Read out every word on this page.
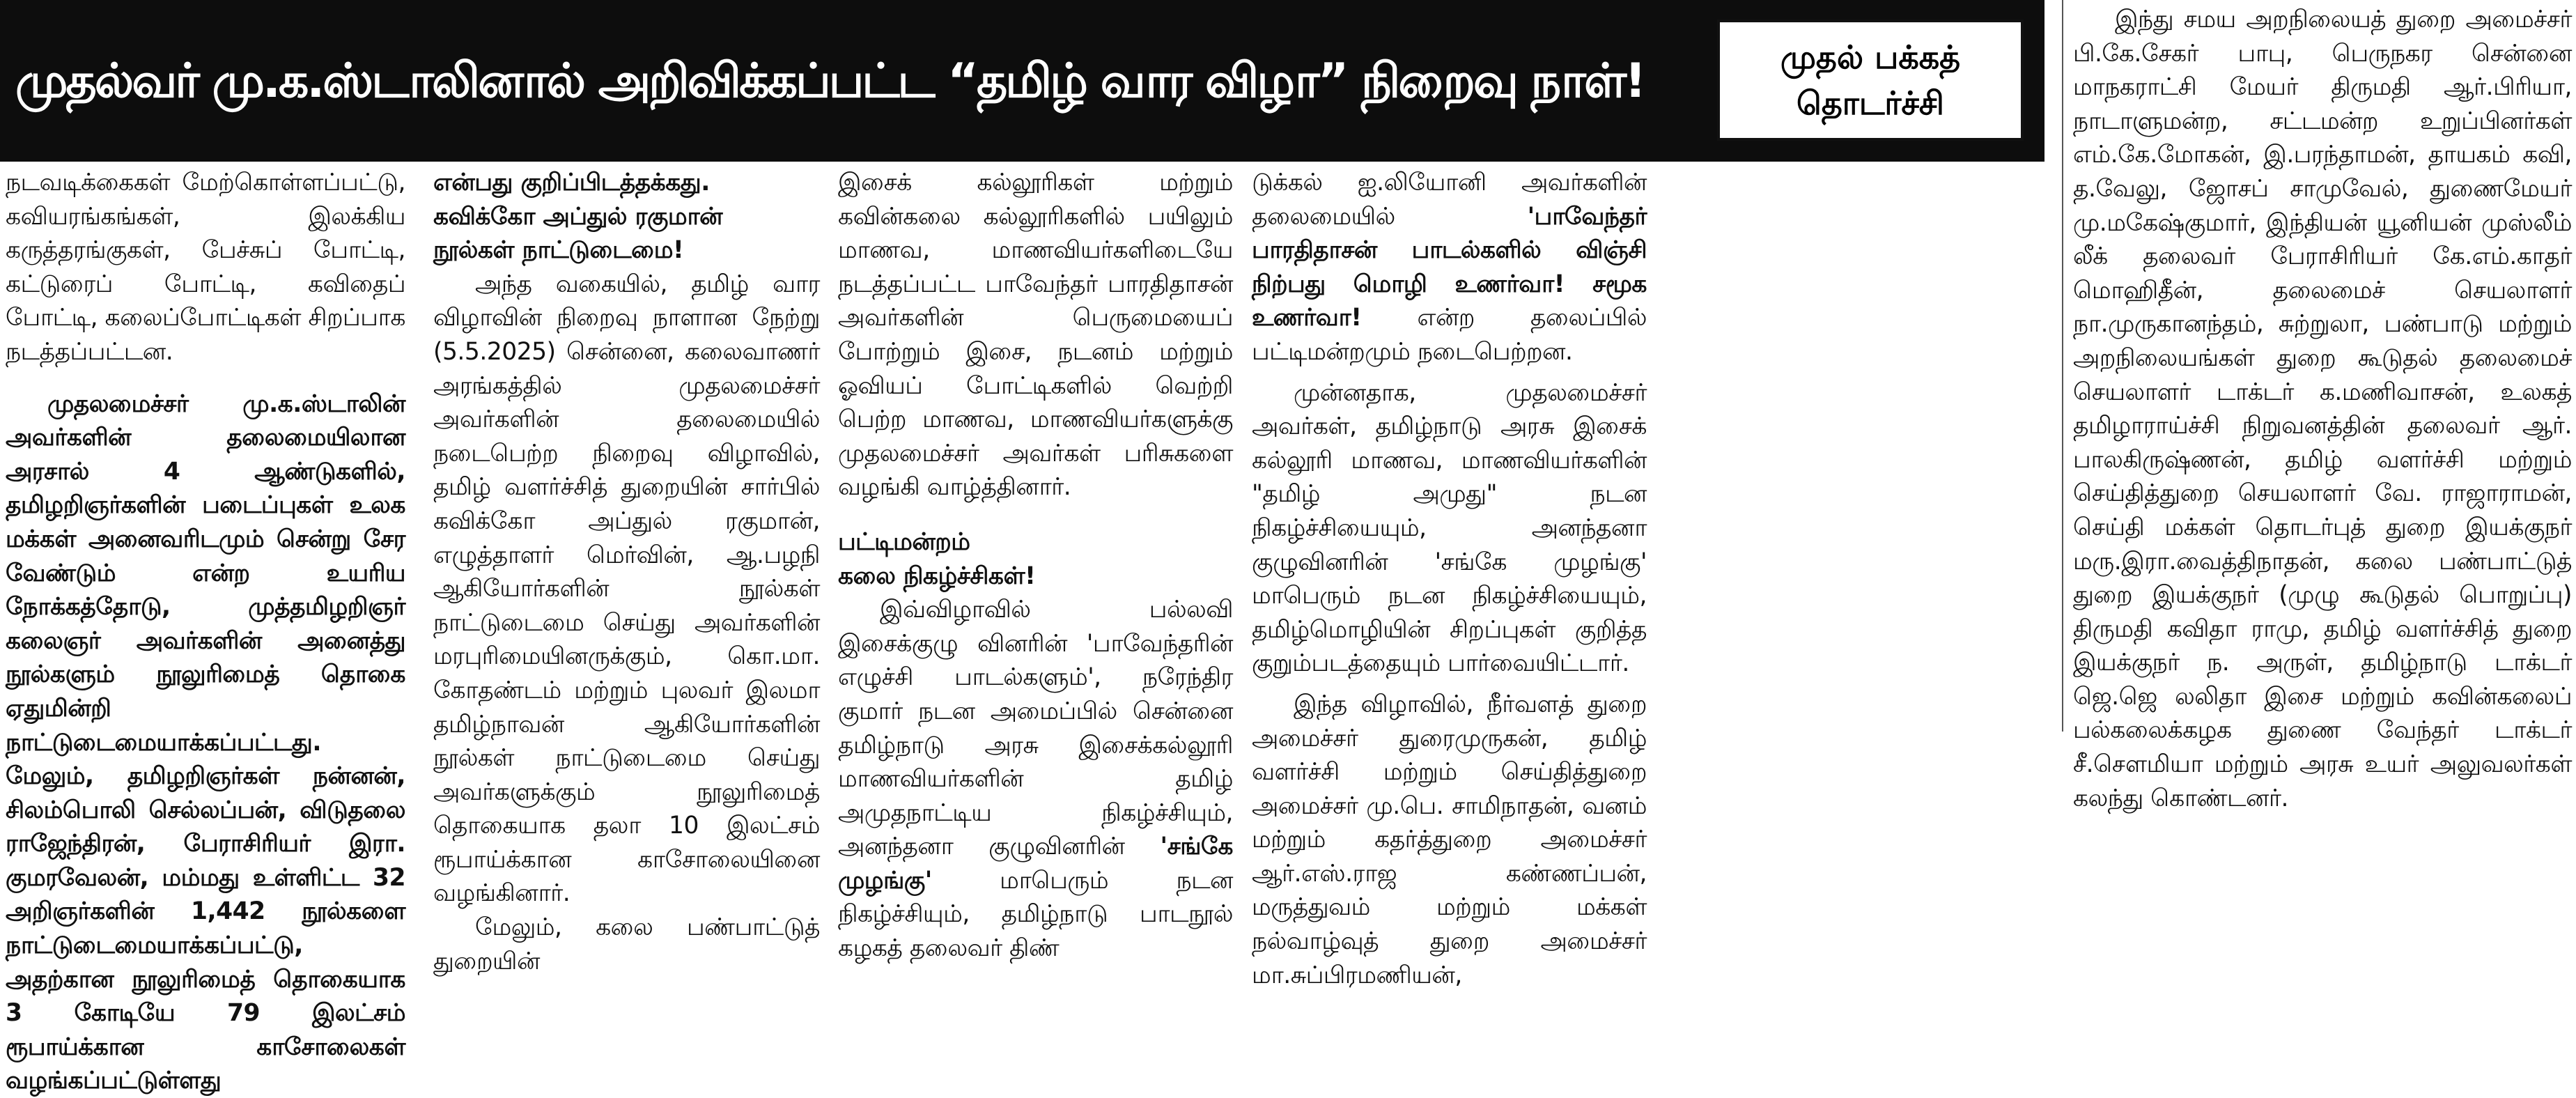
முதல்வர் மு.க.ஸ்டாலினால் அறிவிக்கப்பட்ட “தமிழ் வார விழா” நிறைவு நாள்!	முதல் பக்கத்
தொடர்ச்சி

நடவடிக்கைகள் மேற்கொள்ளப்பட்டு, கவியரங்கங்கள், இலக்கிய கருத்தரங்குகள், பேச்சுப் போட்டி, கட்டுரைப் போட்டி, கவிதைப் போட்டி, கலைப்போட்டிகள் சிறப்பாக நடத்தப்பட்டன.

முதலமைச்சர் மு.க.ஸ்டாலின் அவர்களின் தலைமையிலான அரசால் 4 ஆண்டுகளில், தமிழறிஞர்களின் படைப்புகள் உலக மக்கள் அனைவரிடமும் சென்று சேர வேண்டும் என்ற உயரிய நோக்கத்தோடு, முத்தமிழறிஞர் கலைஞர் அவர்களின் அனைத்து நூல்களும் நூலுரிமைத் தொகை ஏதுமின்றி நாட்டுடைமையாக்கப்பட்டது. மேலும், தமிழறிஞர்கள் நன்னன், சிலம்பொலி செல்லப்பன், விடுதலை ராஜேந்திரன், பேராசிரியர் இரா. குமரவேலன், மம்மது உள்ளிட்ட 32 அறிஞர்களின் 1,442 நூல்களை நாட்டுடைமையாக்கப்பட்டு, அதற்கான நூலுரிமைத் தொகையாக 3 கோடியே 79 இலட்சம் ரூபாய்க்கான காசோலைகள் வழங்கப்பட்டுள்ளது

என்பது குறிப்பிடத்தக்கது.

கவிக்கோ அப்துல் ரகுமான்
நூல்கள் நாட்டுடைமை!

அந்த வகையில், தமிழ் வார விழாவின் நிறைவு நாளான நேற்று (5.5.2025) சென்னை, கலைவாணர் அரங்கத்தில் முதலமைச்சர் அவர்களின் தலைமையில் நடைபெற்ற நிறைவு விழாவில், தமிழ் வளர்ச்சித் துறையின் சார்பில் கவிக்கோ அப்துல் ரகுமான், எழுத்தாளர் மெர்வின், ஆ.பழநி ஆகியோர்களின் நூல்கள் நாட்டுடைமை செய்து அவர்களின் மரபுரிமையினருக்கும், கொ.மா. கோதண்டம் மற்றும் புலவர் இலமா தமிழ்நாவன் ஆகியோர்களின் நூல்கள் நாட்டுடைமை செய்து அவர்களுக்கும் நூலுரிமைத் தொகையாக தலா 10 இலட்சம் ரூபாய்க்கான காசோலையினை வழங்கினார்.

மேலும், கலை பண்பாட்டுத் துறையின்

இசைக் கல்லூரிகள் மற்றும் கவின்கலை கல்லூரிகளில் பயிலும் மாணவ, மாணவியர்களிடையே நடத்தப்பட்ட பாவேந்தர் பாரதிதாசன் அவர்களின் பெருமையைப் போற்றும் இசை, நடனம் மற்றும் ஓவியப் போட்டிகளில் வெற்றி பெற்ற மாணவ, மாணவியர்களுக்கு முதலமைச்சர் அவர்கள் பரிசுகளை வழங்கி வாழ்த்தினார்.

பட்டிமன்றம்
கலை நிகழ்ச்சிகள்!

இவ்விழாவில் பல்லவி இசைக்குழு வினரின் 'பாவேந்தரின் எழுச்சி பாடல்களும்', நரேந்திர குமார் நடன அமைப்பில் சென்னை தமிழ்நாடு அரசு இசைக்கல்லூரி மாணவியர்களின் தமிழ் அமுதநாட்டிய நிகழ்ச்சியும், அனந்தனா குழுவினரின் 'சங்கே முழங்கு' மாபெரும் நடன நிகழ்ச்சியும், தமிழ்நாடு பாடநூல் கழகத் தலைவர் திண்

டுக்கல் ஐ.லியோனி அவர்களின் தலைமையில் 'பாவேந்தர் பாரதிதாசன் பாடல்களில் விஞ்சி நிற்பது மொழி உணர்வா! சமூக உணர்வா! என்ற தலைப்பில் பட்டிமன்றமும் நடைபெற்றன.

முன்னதாக, முதலமைச்சர் அவர்கள், தமிழ்நாடு அரசு இசைக் கல்லூரி மாணவ, மாணவியர்களின் "தமிழ் அமுது" நடன நிகழ்ச்சியையும், அனந்தனா குழுவினரின் 'சங்கே முழங்கு' மாபெரும் நடன நிகழ்ச்சியையும், தமிழ்மொழியின் சிறப்புகள் குறித்த குறும்படத்தையும் பார்வையிட்டார்.

இந்த விழாவில், நீர்வளத் துறை அமைச்சர் துரைமுருகன், தமிழ் வளர்ச்சி மற்றும் செய்தித்துறை அமைச்சர் மு.பெ. சாமிநாதன், வனம் மற்றும் கதர்த்துறை அமைச்சர் ஆர்.எஸ்.ராஜ கண்ணப்பன், மருத்துவம் மற்றும் மக்கள் நல்வாழ்வுத் துறை அமைச்சர் மா.சுப்பிரமணியன்,

இந்து சமய அறநிலையத் துறை அமைச்சர் பி.கே.சேகர் பாபு, பெருநகர சென்னை மாநகராட்சி மேயர் திருமதி ஆர்.பிரியா, நாடாளுமன்ற, சட்டமன்ற உறுப்பினர்கள் எம்.கே.மோகன், இ.பரந்தாமன், தாயகம் கவி, த.வேலு, ஜோசப் சாமுவேல், துணைமேயர் மு.மகேஷ்குமார், இந்தியன் யூனியன் முஸ்லீம் லீக் தலைவர் பேராசிரியர் கே.எம்.காதர் மொஹிதீன், தலைமைச் செயலாளர் நா.முருகானந்தம், சுற்றுலா, பண்பாடு மற்றும் அறநிலையங்கள் துறை கூடுதல் தலைமைச் செயலாளர் டாக்டர் க.மணிவாசன், உலகத் தமிழாராய்ச்சி நிறுவனத்தின் தலைவர் ஆர். பாலகிருஷ்ணன், தமிழ் வளர்ச்சி மற்றும் செய்தித்துறை செயலாளர் வே. ராஜாராமன், செய்தி மக்கள் தொடர்புத் துறை இயக்குநர் மரு.இரா.வைத்திநாதன், கலை பண்பாட்டுத் துறை இயக்குநர் (முழு கூடுதல் பொறுப்பு) திருமதி கவிதா ராமு, தமிழ் வளர்ச்சித் துறை இயக்குநர் ந. அருள், தமிழ்நாடு டாக்டர் ஜெ.ஜெ லலிதா இசை மற்றும் கவின்கலைப் பல்கலைக்கழக துணை வேந்தர் டாக்டர் சீ.சௌமியா மற்றும் அரசு உயர் அலுவலர்கள் கலந்து கொண்டனர்.
